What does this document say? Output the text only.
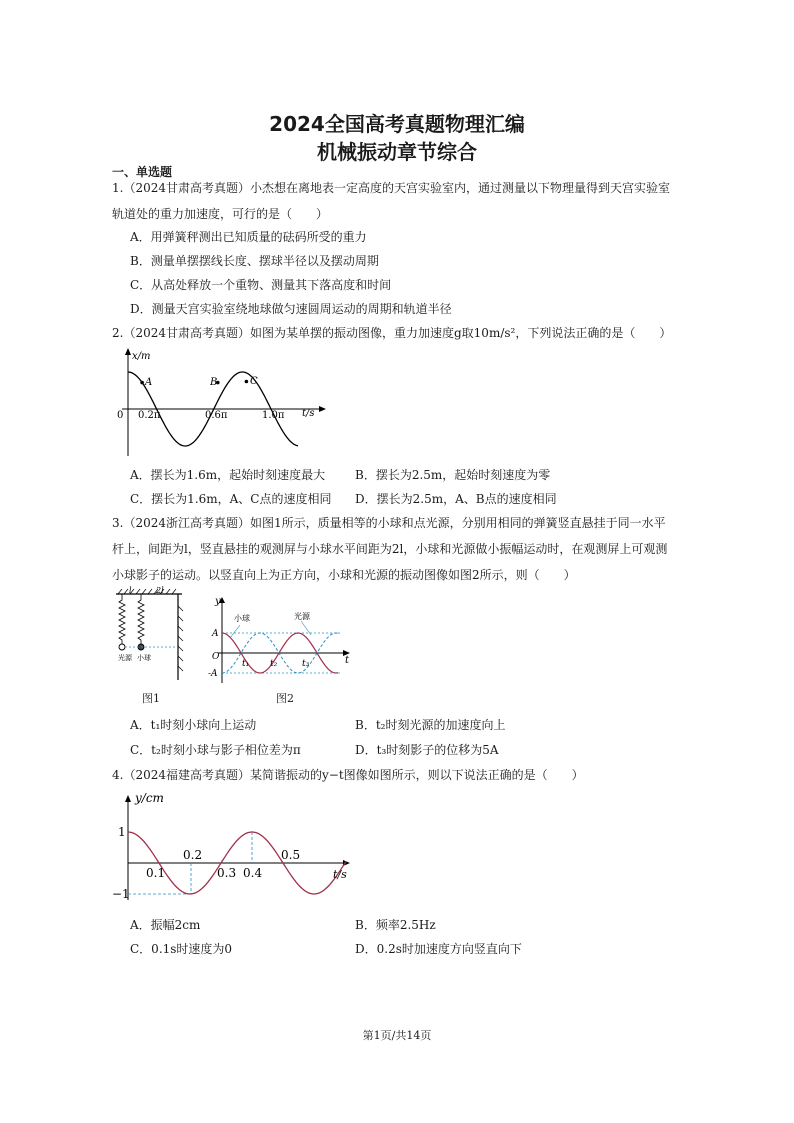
2024全国高考真题物理汇编
机械振动章节综合
一、单选题
1.（2024甘肃高考真题）小杰想在离地表一定高度的天宫实验室内，通过测量以下物理量得到天宫实验室
轨道处的重力加速度，可行的是（　　）
A．用弹簧秤测出已知质量的砝码所受的重力
B．测量单摆摆线长度、摆球半径以及摆动周期
C．从高处释放一个重物、测量其下落高度和时间
D．测量天宫实验室绕地球做匀速圆周运动的周期和轨道半径
2.（2024甘肃高考真题）如图为某单摆的振动图像，重力加速度g取10m/s²，下列说法正确的是（　　）
x/m
t/s
0 0.2π	0.6π	1.0π
A	B	C
A．摆长为1.6m，起始时刻速度最大 B．摆长为2.5m，起始时刻速度为零
C．摆长为1.6m，A、C点的速度相同 D．摆长为2.5m，A、B点的速度相同
3.（2024浙江高考真题）如图1所示，质量相等的小球和点光源，分别用相同的弹簧竖直悬挂于同一水平
杆上，间距为l，竖直悬挂的观测屏与小球水平间距为2l，小球和光源做小振幅运动时，在观测屏上可观测
小球影子的运动。以竖直向上为正方向，小球和光源的振动图像如图2所示，则（　　）
l	2l
光源 小球
图1
y
t
A
-A
O
小球	光源
t₁ t₂	t₃
图2
A．t₁时刻小球向上运动	B．t₂时刻光源的加速度向上
C．t₂时刻小球与影子相位差为π	D．t₃时刻影子的位移为5A
4.（2024福建高考真题）某简谐振动的y−t图像如图所示，则以下说法正确的是（　　）
y/cm
t/s
1
−1
0.1
0.2
0.3 0.4
0.5
A．振幅2cm	B．频率2.5Hz
C．0.1s时速度为0	D．0.2s时加速度方向竖直向下
第1页/共14页
